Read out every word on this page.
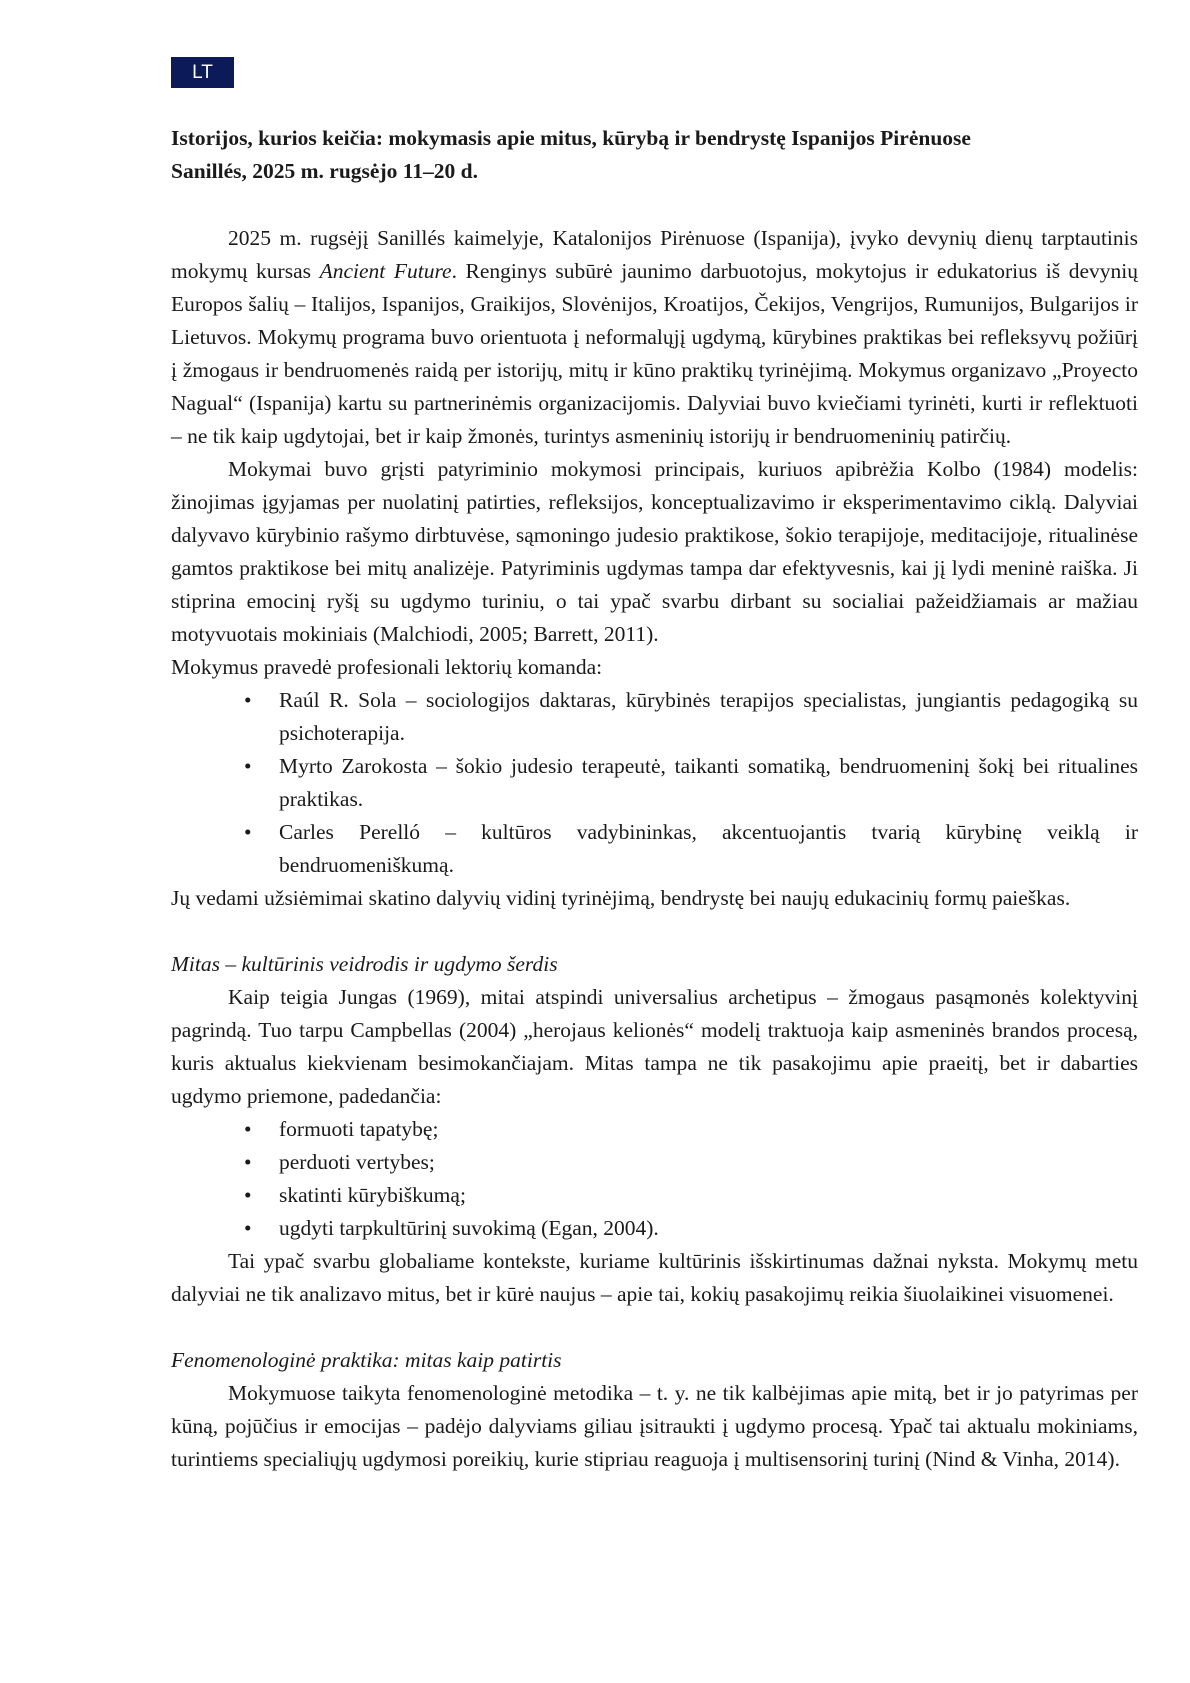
LT
Istorijos, kurios keičia: mokymasis apie mitus, kūrybą ir bendrystę Ispanijos Pirėnuose
Sanillés, 2025 m. rugsėjo 11–20 d.

2025 m. rugsėjį Sanillés kaimelyje, Katalonijos Pirėnuose (Ispanija), įvyko devynių dienų tarptautinis mokymų kursas Ancient Future. Renginys subūrė jaunimo darbuotojus, mokytojus ir edukatorius iš devynių Europos šalių – Italijos, Ispanijos, Graikijos, Slovėnijos, Kroatijos, Čekijos, Vengrijos, Rumunijos, Bulgarijos ir Lietuvos. Mokymų programa buvo orientuota į neformalųjį ugdymą, kūrybines praktikas bei refleksyvų požiūrį į žmogaus ir bendruomenės raidą per istorijų, mitų ir kūno praktikų tyrinėjimą. Mokymus organizavo „Proyecto Nagual“ (Ispanija) kartu su partnerinėmis organizacijomis. Dalyviai buvo kviečiami tyrinėti, kurti ir reflektuoti – ne tik kaip ugdytojai, bet ir kaip žmonės, turintys asmeninių istorijų ir bendruomeninių patirčių.

Mokymai buvo grįsti patyriminio mokymosi principais, kuriuos apibrėžia Kolbo (1984) modelis: žinojimas įgyjamas per nuolatinį patirties, refleksijos, konceptualizavimo ir eksperimentavimo ciklą. Dalyviai dalyvavo kūrybinio rašymo dirbtuvėse, sąmoningo judesio praktikose, šokio terapijoje, meditacijoje, ritualinėse gamtos praktikose bei mitų analizėje. Patyriminis ugdymas tampa dar efektyvesnis, kai jį lydi meninė raiška. Ji stiprina emocinį ryšį su ugdymo turiniu, o tai ypač svarbu dirbant su socialiai pažeidžiamais ar mažiau motyvuotais mokiniais (Malchiodi, 2005; Barrett, 2011).

Mokymus pravedė profesionali lektorių komanda:

• Raúl R. Sola – sociologijos daktaras, kūrybinės terapijos specialistas, jungiantis pedagogiką su psichoterapija.
• Myrto Zarokosta – šokio judesio terapeutė, taikanti somatiką, bendruomeninį šokį bei ritualines praktikas.
• Carles Perelló – kultūros vadybininkas, akcentuojantis tvarią kūrybinę veiklą ir bendruomeniškumą.

Jų vedami užsiėmimai skatino dalyvių vidinį tyrinėjimą, bendrystę bei naujų edukacinių formų paieškas.

Mitas – kultūrinis veidrodis ir ugdymo šerdis

Kaip teigia Jungas (1969), mitai atspindi universalius archetipus – žmogaus pasąmonės kolektyvinį pagrindą. Tuo tarpu Campbellas (2004) „herojaus kelionės“ modelį traktuoja kaip asmeninės brandos procesą, kuris aktualus kiekvienam besimokančiajam. Mitas tampa ne tik pasakojimu apie praeitį, bet ir dabarties ugdymo priemone, padedančia:

• formuoti tapatybę;
• perduoti vertybes;
• skatinti kūrybiškumą;
• ugdyti tarpkultūrinį suvokimą (Egan, 2004).

Tai ypač svarbu globaliame kontekste, kuriame kultūrinis išskirtinumas dažnai nyksta. Mokymų metu dalyviai ne tik analizavo mitus, bet ir kūrė naujus – apie tai, kokių pasakojimų reikia šiuolaikinei visuomenei.

Fenomenologinė praktika: mitas kaip patirtis

Mokymuose taikyta fenomenologinė metodika – t. y. ne tik kalbėjimas apie mitą, bet ir jo patyrimas per kūną, pojūčius ir emocijas – padėjo dalyviams giliau įsitraukti į ugdymo procesą. Ypač tai aktualu mokiniams, turintiems specialiųjų ugdymosi poreikių, kurie stipriau reaguoja į multisensorinį turinį (Nind & Vinha, 2014).
